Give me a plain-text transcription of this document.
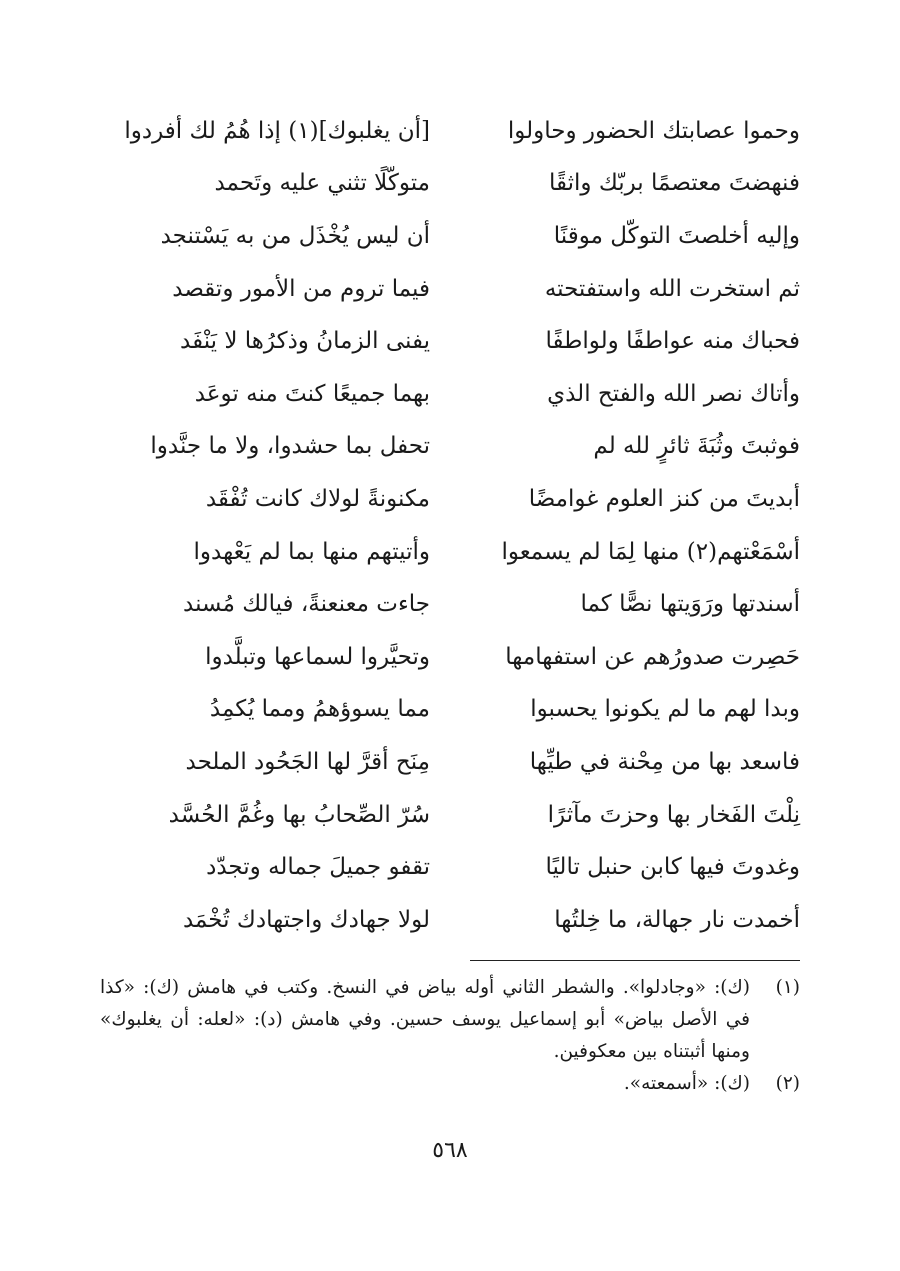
وحموا عصابتك الحضور وحاولوا
[أن يغلبوك](١) إذا هُمُ لك أفردوا
فنهضتَ معتصمًا بربّك واثقًا
متوكّلًا تثني عليه وتَحمد
وإليه أخلصتَ التوكّل موقنًا
أن ليس يُخْذَل من به يَسْتنجد
ثم استخرت الله واستفتحته
فيما تروم من الأمور وتقصد
فحباك منه عواطفًا ولواطفًا
يفنى الزمانُ وذكرُها لا يَنْفَد
وأتاك نصر الله والفتح الذي
بهما جميعًا كنتَ منه توعَد
فوثبتَ وثُبَةَ ثائرٍ لله لم
تحفل بما حشدوا، ولا ما جنَّدوا
أبديتَ من كنز العلوم غوامضًا
مكنونةً لولاك كانت تُفْقَد
أسْمَعْتهم(٢) منها لِمَا لم يسمعوا
وأتيتهم منها بما لم يَعْهدوا
أسندتها ورَوَيتها نصًّا كما
جاءت معنعنةً، فيالك مُسند
حَصِرت صدورُهم عن استفهامها
وتحيَّروا لسماعها وتبلَّدوا
وبدا لهم ما لم يكونوا يحسبوا
مما يسوؤهمُ ومما يُكمِدُ
فاسعد بها من مِحْنة في طيِّها
مِنَح أقرَّ لها الجَحُود الملحد
نِلْتَ الفَخار بها وحزتَ مآثرًا
سُرّ الصِّحابُ بها وغُمَّ الحُسَّد
وغدوتَ فيها كابن حنبل تاليًا
تقفو جميلَ جماله وتجدّد
أخمدت نار جهالة، ما خِلتُها
لولا جهادك واجتهادك تُخْمَد
(١)
(ك): «وجادلوا». والشطر الثاني أوله بياض في النسخ. وكتب في هامش (ك): «كذا في الأصل بياض» أبو إسماعيل يوسف حسين. وفي هامش (د): «لعله: أن يغلبوك» ومنها أثبتناه بين معكوفين.
(٢)
(ك): «أسمعته».
٥٦٨
